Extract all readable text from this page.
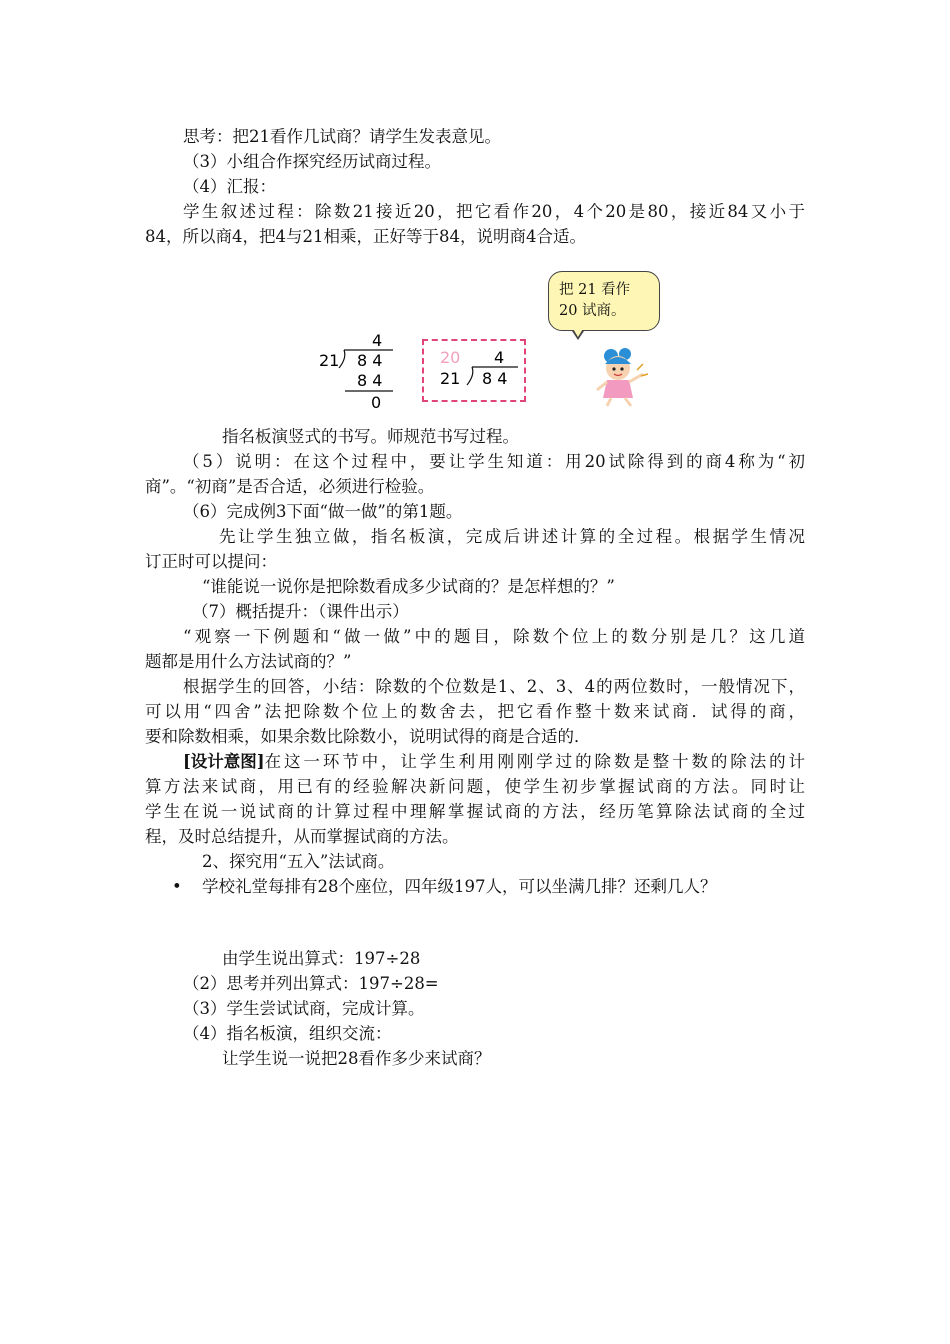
思考：把21看作几试商？请学生发表意见。
（3）小组合作探究经历试商过程。
（4）汇报：
学生叙述过程：除数21接近20，把它看作20，4个20是80，接近84又小于
84，所以商4，把4与21相乘，正好等于84，说明商4合适。
4
21 8 4
8 4
0
20 4
21 8 4
把 21 看作
20 试商。
指名板演竖式的书写。师规范书写过程。
（5）说明：在这个过程中，要让学生知道：用20试除得到的商4称为“初
商”。“初商”是否合适，必须进行检验。
（6）完成例3下面“做一做”的第1题。
先让学生独立做，指名板演，完成后讲述计算的全过程。根据学生情况
订正时可以提问：
“谁能说一说你是把除数看成多少试商的？是怎样想的？”
（7）概括提升：（课件出示）
“观察一下例题和“做一做”中的题目，除数个位上的数分别是几？这几道
题都是用什么方法试商的？”
根据学生的回答，小结：除数的个位数是1、2、3、4的两位数时，一般情况下，
可以用“四舍”法把除数个位上的数舍去，把它看作整十数来试商．试得的商，
要和除数相乘，如果余数比除数小，说明试得的商是合适的．
[设计意图] 在这一环节中，让学生利用刚刚学过的除数是整十数的除法的计
算方法来试商，用已有的经验解决新问题，使学生初步掌握试商的方法。同时让
学生在说一说试商的计算过程中理解掌握试商的方法，经历笔算除法试商的全过
程，及时总结提升，从而掌握试商的方法。
2、探究用“五入”法试商。
• 学校礼堂每排有28个座位，四年级197人，可以坐满几排？还剩几人？
由学生说出算式：197÷28
（2）思考并列出算式：197÷28=
（3）学生尝试试商，完成计算。
（4）指名板演，组织交流：
让学生说一说把28看作多少来试商？
